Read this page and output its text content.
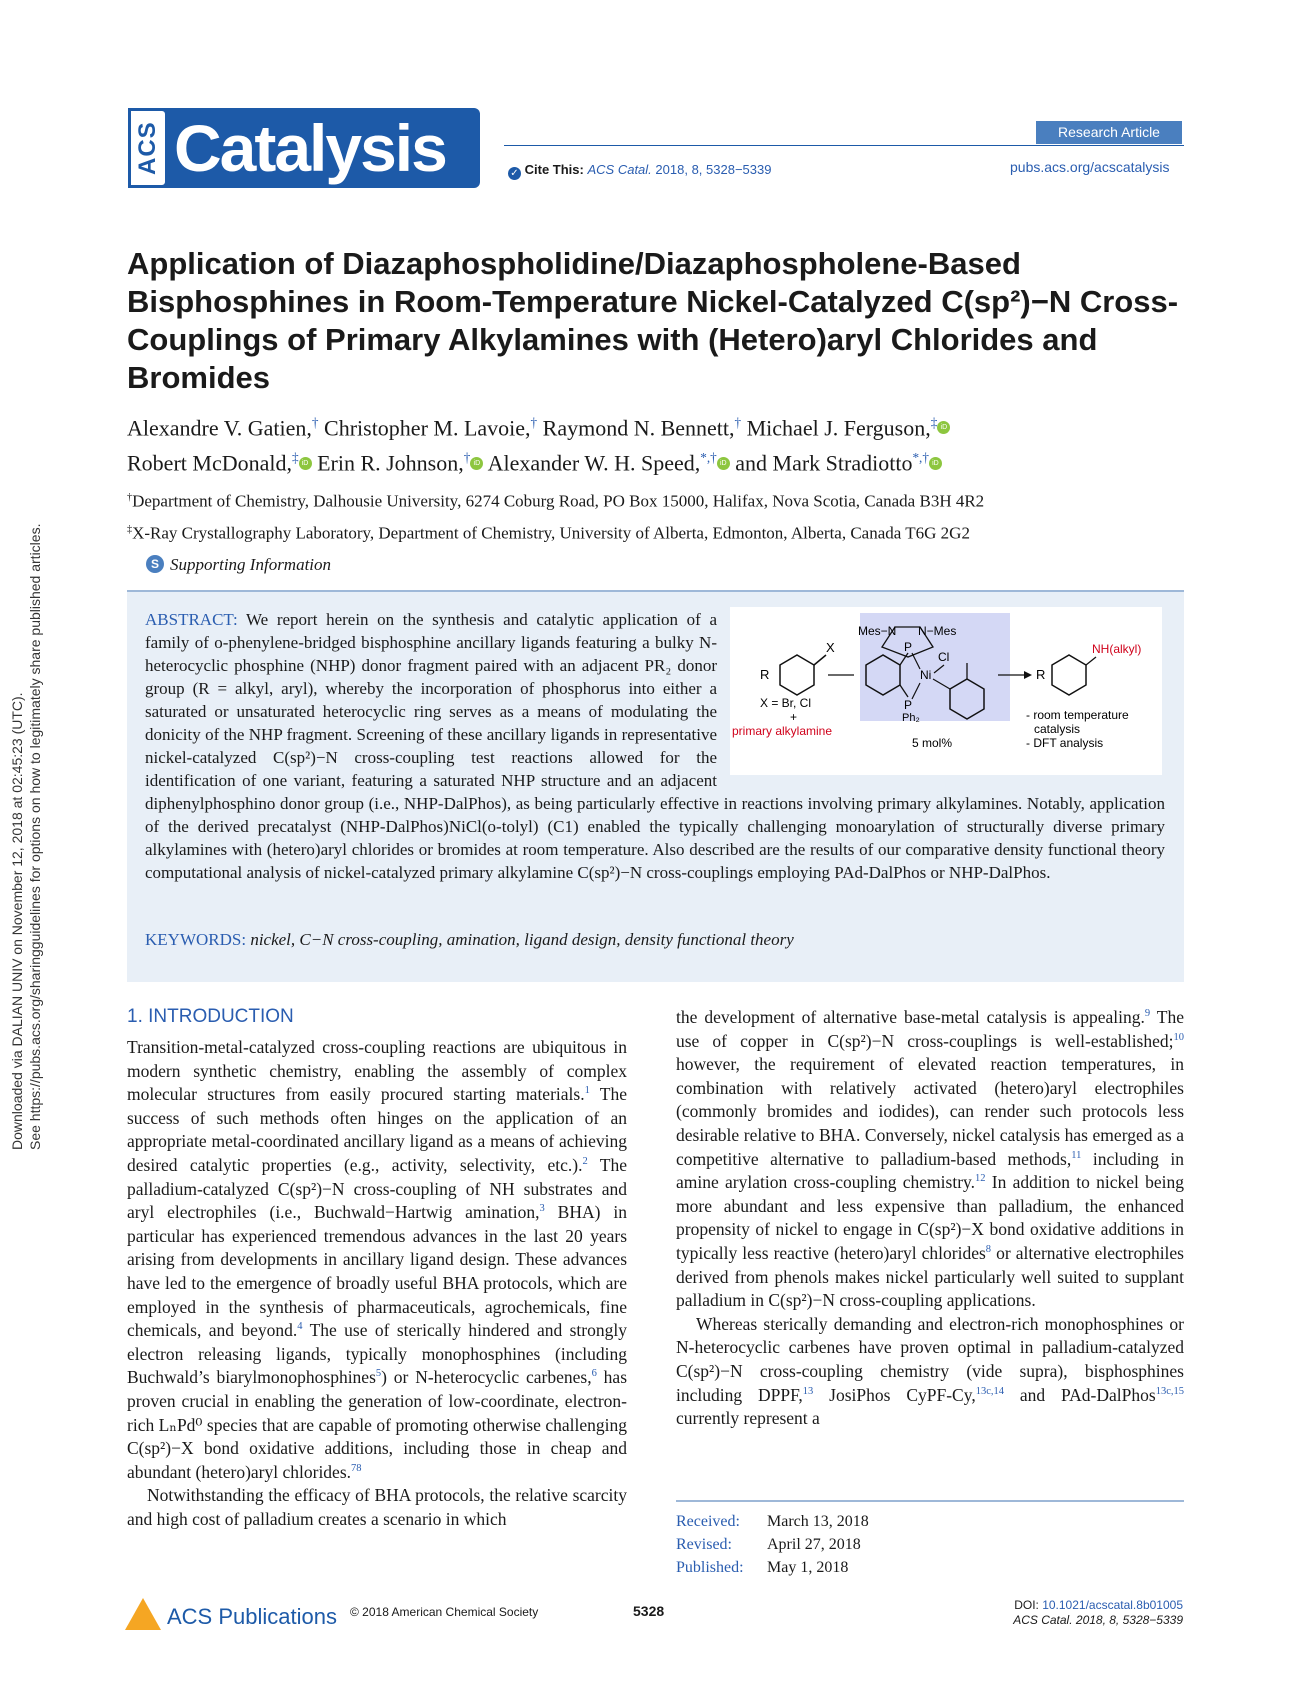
ACS Catalysis	Research Article
✓ Cite This: ACS Catal. 2018, 8, 5328−5339	pubs.acs.org/acscatalysis
Application of Diazaphospholidine/Diazaphospholene-Based Bisphosphines in Room-Temperature Nickel-Catalyzed C(sp²)−N Cross-Couplings of Primary Alkylamines with (Hetero)aryl Chlorides and Bromides
Alexandre V. Gatien,† Christopher M. Lavoie,† Raymond N. Bennett,† Michael J. Ferguson,‡ iD
Robert McDonald,‡ iD Erin R. Johnson,† iD Alexander W. H. Speed,*,† iD and Mark Stradiotto*,† iD
†Department of Chemistry, Dalhousie University, 6274 Coburg Road, PO Box 15000, Halifax, Nova Scotia, Canada B3H 4R2
‡X-Ray Crystallography Laboratory, Department of Chemistry, University of Alberta, Edmonton, Alberta, Canada T6G 2G2
S Supporting Information
ABSTRACT: We report herein on the synthesis and catalytic application of a family of o-phenylene-bridged bisphosphine ancillary ligands featuring a bulky N-heterocyclic phosphine (NHP) donor fragment paired with an adjacent PR₂ donor group (R = alkyl, aryl), whereby the incorporation of phosphorus into either a saturated or unsaturated heterocyclic ring serves as a means of modulating the donicity of the NHP fragment. Screening of these ancillary ligands in representative nickel-catalyzed C(sp²)−N cross-coupling test reactions allowed for the identification of one variant, featuring a saturated NHP structure and an adjacent diphenylphosphino donor group (i.e., NHP-DalPhos), as being particularly effective in reactions involving primary alkylamines. Notably, application of the derived precatalyst (NHP-DalPhos)NiCl(o-tolyl) (C1) enabled the typically challenging monoarylation of structurally diverse primary alkylamines with (hetero)aryl chlorides or bromides at room temperature. Also described are the results of our comparative density functional theory computational analysis of nickel-catalyzed primary alkylamine C(sp²)−N cross-couplings employing PAd-DalPhos or NHP-DalPhos.
X
R
X = Br, Cl
+
primary alkylamine
Mes−N N−Mes
P
P
Ph₂
Ni
Cl
5 mol%
R
NH(alkyl)
- room temperature
catalysis
- DFT analysis
KEYWORDS: nickel, C−N cross-coupling, amination, ligand design, density functional theory
1. INTRODUCTION

Transition-metal-catalyzed cross-coupling reactions are ubiquitous in modern synthetic chemistry, enabling the assembly of complex molecular structures from easily procured starting materials.$^1$ The success of such methods often hinges on the application of an appropriate metal-coordinated ancillary ligand as a means of achieving desired catalytic properties (e.g., activity, selectivity, etc.).$^2$ The palladium-catalyzed C(sp²)−N cross-coupling of NH substrates and aryl electrophiles (i.e., Buchwald−Hartwig amination,$^3$ BHA) in particular has experienced tremendous advances in the last 20 years arising from developments in ancillary ligand design. These advances have led to the emergence of broadly useful BHA protocols, which are employed in the synthesis of pharmaceuticals, agrochemicals, fine chemicals, and beyond.$^4$ The use of sterically hindered and strongly electron releasing ligands, typically monophosphines (including Buchwald’s biarylmonophosphines$^5$) or N-heterocyclic carbenes,$^6$ has proven crucial in enabling the generation of low-coordinate, electron-rich LₙPd⁰ species that are capable of promoting otherwise challenging C(sp²)−X bond oxidative additions, including those in cheap and abundant (hetero)aryl chlorides.$^{78}$

Notwithstanding the efficacy of BHA protocols, the relative scarcity and high cost of palladium creates a scenario in which

the development of alternative base-metal catalysis is appealing.$^9$ The use of copper in C(sp²)−N cross-couplings is well-established;$^{10}$ however, the requirement of elevated reaction temperatures, in combination with relatively activated (hetero)aryl electrophiles (commonly bromides and iodides), can render such protocols less desirable relative to BHA. Conversely, nickel catalysis has emerged as a competitive alternative to palladium-based methods,$^{11}$ including in amine arylation cross-coupling chemistry.$^{12}$ In addition to nickel being more abundant and less expensive than palladium, the enhanced propensity of nickel to engage in C(sp²)−X bond oxidative additions in typically less reactive (hetero)aryl chlorides$^8$ or alternative electrophiles derived from phenols makes nickel particularly well suited to supplant palladium in C(sp²)−N cross-coupling applications.

Whereas sterically demanding and electron-rich monophosphines or N-heterocyclic carbenes have proven optimal in palladium-catalyzed C(sp²)−N cross-coupling chemistry (vide supra), bisphosphines including DPPF,$^{13}$ JosiPhos CyPF-Cy,$^{13c,14}$ and PAd-DalPhos$^{13c,15}$ currently represent a

Received: March 13, 2018
Revised: April 27, 2018
Published: May 1, 2018
ACS Publications © 2018 American Chemical Society	5328	DOI: 10.1021/acscatal.8b01005
ACS Catal. 2018, 8, 5328−5339
Downloaded via DALIAN UNIV on November 12, 2018 at 02:45:23 (UTC). See https://pubs.acs.org/sharingguidelines for options on how to legitimately share published articles.
